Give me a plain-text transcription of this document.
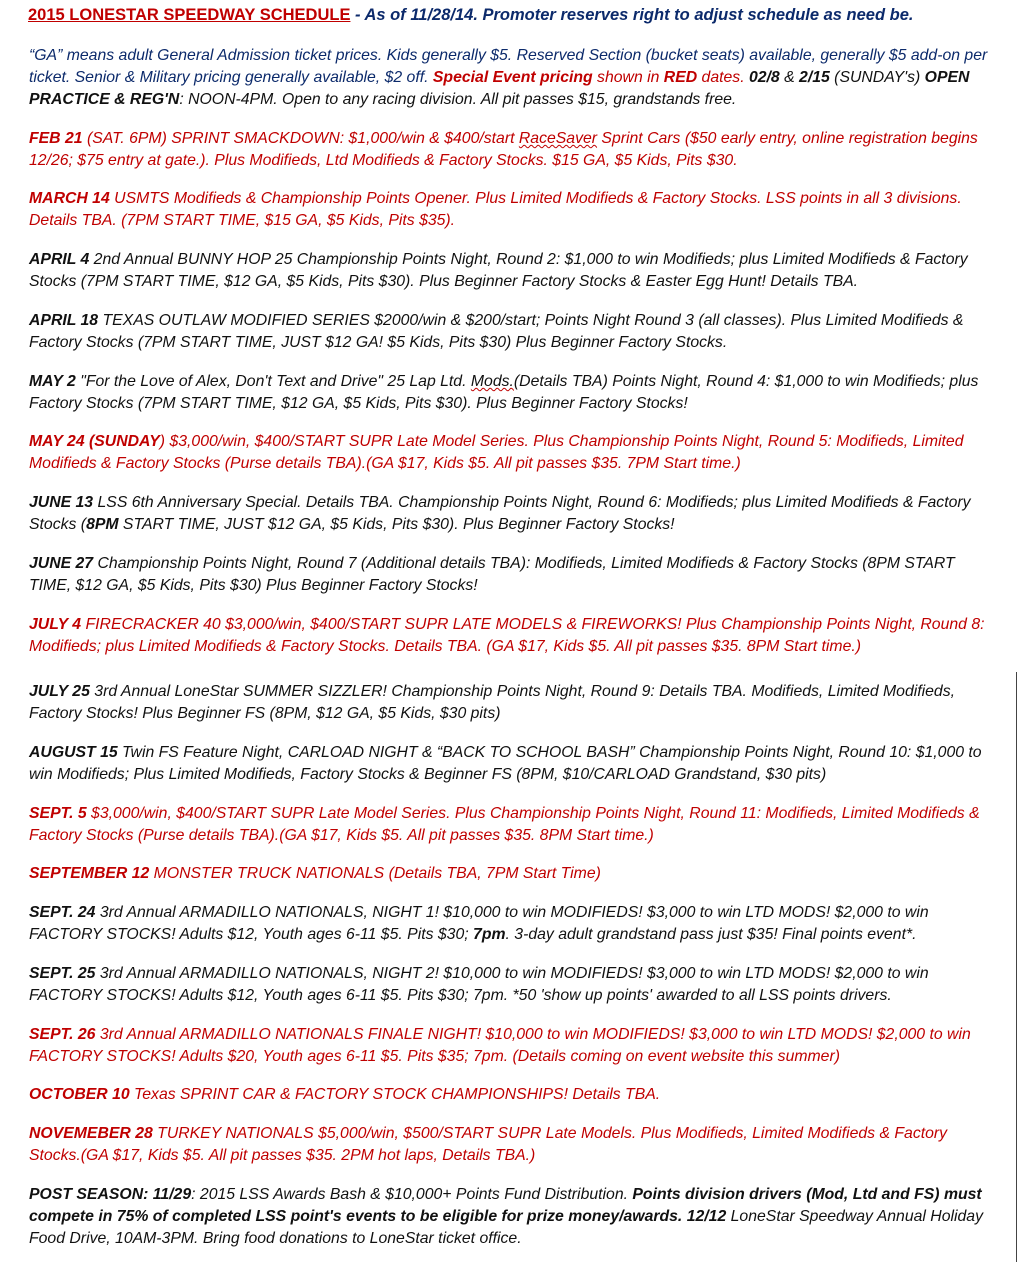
2015 LONESTAR SPEEDWAY SCHEDULE - As of 11/28/14. Promoter reserves right to adjust schedule as need be.
“GA” means adult General Admission ticket prices. Kids generally $5. Reserved Section (bucket seats) available, generally $5 add-on per ticket. Senior & Military pricing generally available, $2 off. Special Event pricing shown in RED dates. 02/8 & 2/15 (SUNDAY's) OPEN PRACTICE & REG'N: NOON-4PM. Open to any racing division. All pit passes $15, grandstands free.
FEB 21 (SAT. 6PM) SPRINT SMACKDOWN: $1,000/win & $400/start RaceSaver Sprint Cars ($50 early entry, online registration begins 12/26; $75 entry at gate.). Plus Modifieds, Ltd Modifieds & Factory Stocks. $15 GA, $5 Kids, Pits $30.
MARCH 14 USMTS Modifieds & Championship Points Opener. Plus Limited Modifieds & Factory Stocks. LSS points in all 3 divisions. Details TBA. (7PM START TIME, $15 GA, $5 Kids, Pits $35).
APRIL 4 2nd Annual BUNNY HOP 25 Championship Points Night, Round 2: $1,000 to win Modifieds; plus Limited Modifieds & Factory Stocks (7PM START TIME, $12 GA, $5 Kids, Pits $30). Plus Beginner Factory Stocks & Easter Egg Hunt! Details TBA.
APRIL 18 TEXAS OUTLAW MODIFIED SERIES $2000/win & $200/start; Points Night Round 3 (all classes). Plus Limited Modifieds & Factory Stocks (7PM START TIME, JUST $12 GA! $5 Kids, Pits $30) Plus Beginner Factory Stocks.
MAY 2 "For the Love of Alex, Don't Text and Drive" 25 Lap Ltd. Mods.(Details TBA) Points Night, Round 4: $1,000 to win Modifieds; plus Factory Stocks (7PM START TIME, $12 GA, $5 Kids, Pits $30). Plus Beginner Factory Stocks!
MAY 24 (SUNDAY) $3,000/win, $400/START SUPR Late Model Series. Plus Championship Points Night, Round 5: Modifieds, Limited Modifieds & Factory Stocks (Purse details TBA).(GA $17, Kids $5. All pit passes $35. 7PM Start time.)
JUNE 13 LSS 6th Anniversary Special. Details TBA. Championship Points Night, Round 6: Modifieds; plus Limited Modifieds & Factory Stocks (8PM START TIME, JUST $12 GA, $5 Kids, Pits $30). Plus Beginner Factory Stocks!
JUNE 27 Championship Points Night, Round 7 (Additional details TBA): Modifieds, Limited Modifieds & Factory Stocks (8PM START TIME, $12 GA, $5 Kids, Pits $30) Plus Beginner Factory Stocks!
JULY 4 FIRECRACKER 40 $3,000/win, $400/START SUPR LATE MODELS & FIREWORKS! Plus Championship Points Night, Round 8: Modifieds; plus Limited Modifieds & Factory Stocks. Details TBA. (GA $17, Kids $5. All pit passes $35. 8PM Start time.)
JULY 25 3rd Annual LoneStar SUMMER SIZZLER! Championship Points Night, Round 9: Details TBA. Modifieds, Limited Modifieds, Factory Stocks! Plus Beginner FS (8PM, $12 GA, $5 Kids, $30 pits)
AUGUST 15 Twin FS Feature Night, CARLOAD NIGHT & “BACK TO SCHOOL BASH” Championship Points Night, Round 10: $1,000 to win Modifieds; Plus Limited Modifieds, Factory Stocks & Beginner FS (8PM, $10/CARLOAD Grandstand, $30 pits)
SEPT. 5 $3,000/win, $400/START SUPR Late Model Series. Plus Championship Points Night, Round 11: Modifieds, Limited Modifieds & Factory Stocks (Purse details TBA).(GA $17, Kids $5. All pit passes $35. 8PM Start time.)
SEPTEMBER 12 MONSTER TRUCK NATIONALS (Details TBA, 7PM Start Time)
SEPT. 24 3rd Annual ARMADILLO NATIONALS, NIGHT 1! $10,000 to win MODIFIEDS! $3,000 to win LTD MODS! $2,000 to win FACTORY STOCKS! Adults $12, Youth ages 6-11 $5. Pits $30; 7pm. 3-day adult grandstand pass just $35! Final points event*.
SEPT. 25 3rd Annual ARMADILLO NATIONALS, NIGHT 2! $10,000 to win MODIFIEDS! $3,000 to win LTD MODS! $2,000 to win FACTORY STOCKS! Adults $12, Youth ages 6-11 $5. Pits $30; 7pm. *50 'show up points' awarded to all LSS points drivers.
SEPT. 26 3rd Annual ARMADILLO NATIONALS FINALE NIGHT! $10,000 to win MODIFIEDS! $3,000 to win LTD MODS! $2,000 to win FACTORY STOCKS! Adults $20, Youth ages 6-11 $5. Pits $35; 7pm. (Details coming on event website this summer)
OCTOBER 10 Texas SPRINT CAR & FACTORY STOCK CHAMPIONSHIPS! Details TBA.
NOVEMEBER 28 TURKEY NATIONALS $5,000/win, $500/START SUPR Late Models. Plus Modifieds, Limited Modifieds & Factory Stocks.(GA $17, Kids $5. All pit passes $35. 2PM hot laps, Details TBA.)
POST SEASON: 11/29: 2015 LSS Awards Bash & $10,000+ Points Fund Distribution. Points division drivers (Mod, Ltd and FS) must compete in 75% of completed LSS point's events to be eligible for prize money/awards. 12/12 LoneStar Speedway Annual Holiday Food Drive, 10AM-3PM. Bring food donations to LoneStar ticket office.
